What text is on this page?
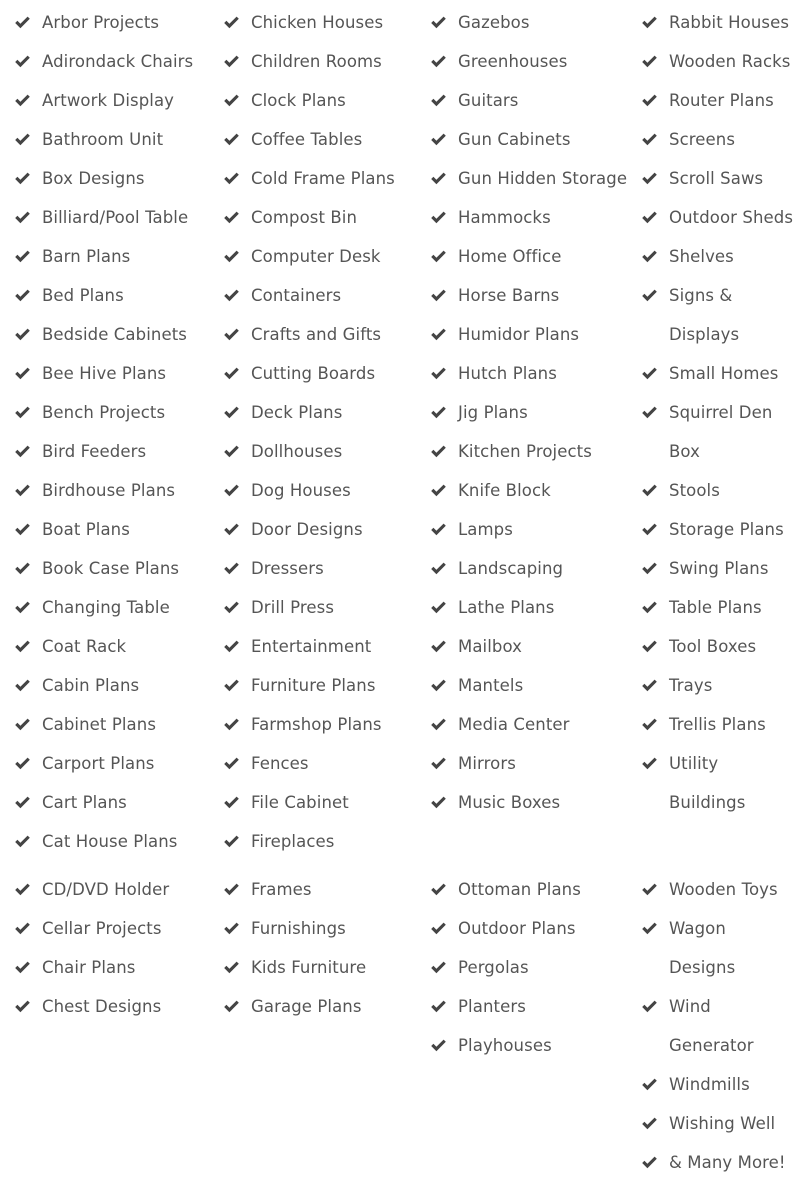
Arbor Projects
Adirondack Chairs
Artwork Display
Bathroom Unit
Box Designs
Billiard/Pool Table
Barn Plans
Bed Plans
Bedside Cabinets
Bee Hive Plans
Bench Projects
Bird Feeders
Birdhouse Plans
Boat Plans
Book Case Plans
Changing Table
Coat Rack
Cabin Plans
Cabinet Plans
Carport Plans
Cart Plans
Cat House Plans
Chicken Houses
Children Rooms
Clock Plans
Coffee Tables
Cold Frame Plans
Compost Bin
Computer Desk
Containers
Crafts and Gifts
Cutting Boards
Deck Plans
Dollhouses
Dog Houses
Door Designs
Dressers
Drill Press
Entertainment
Furniture Plans
Farmshop Plans
Fences
File Cabinet
Fireplaces
Gazebos
Greenhouses
Guitars
Gun Cabinets
Gun Hidden Storage
Hammocks
Home Office
Horse Barns
Humidor Plans
Hutch Plans
Jig Plans
Kitchen Projects
Knife Block
Lamps
Landscaping
Lathe Plans
Mailbox
Mantels
Media Center
Mirrors
Music Boxes
Rabbit Houses
Wooden Racks
Router Plans
Screens
Scroll Saws
Outdoor Sheds
Shelves
Signs & Displays
Small Homes
Squirrel Den Box
Stools
Storage Plans
Swing Plans
Table Plans
Tool Boxes
Trays
Trellis Plans
Utility Buildings
CD/DVD Holder
Cellar Projects
Chair Plans
Chest Designs
Frames
Furnishings
Kids Furniture
Garage Plans
Ottoman Plans
Outdoor Plans
Pergolas
Planters
Playhouses
Wooden Toys
Wagon Designs
Wind Generator
Windmills
Wishing Well
& Many More!
